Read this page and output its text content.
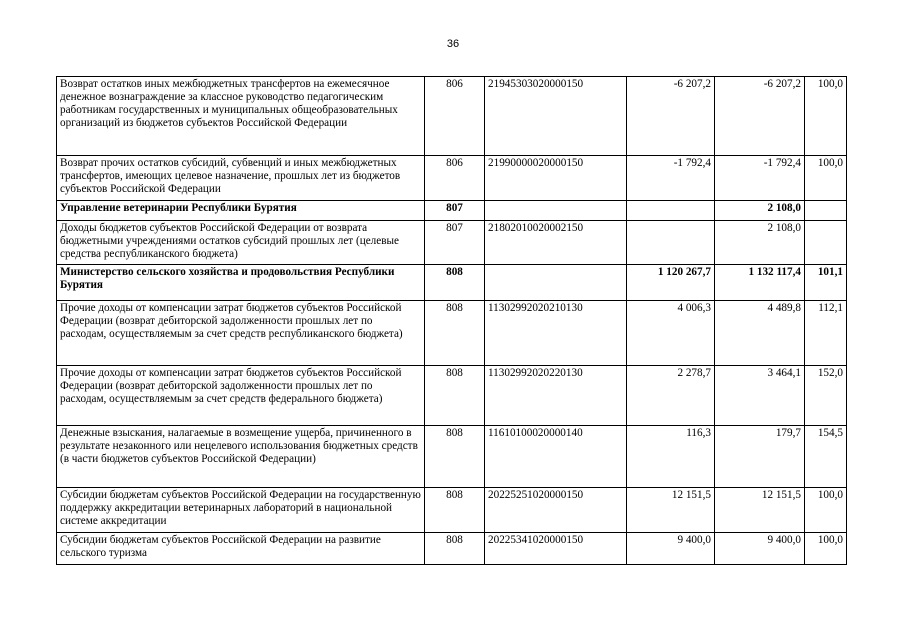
36
Возврат остатков иных межбюджетных трансфертов на ежемесячное денежное вознаграждение за классное руководство педагогическим работникам государственных и муниципальных общеобразовательных организаций из бюджетов субъектов Российской Федерации	806	21945303020000150	-6 207,2	-6 207,2	100,0
Возврат прочих остатков субсидий, субвенций и иных межбюджетных трансфертов, имеющих целевое назначение, прошлых лет из бюджетов субъектов Российской Федерации	806	21990000020000150	-1 792,4	-1 792,4	100,0
Управление ветеринарии Республики Бурятия	807			2 108,0	
Доходы бюджетов субъектов Российской Федерации от возврата бюджетными учреждениями остатков субсидий прошлых лет (целевые средства республиканского бюджета)	807	21802010020002150		2 108,0	
Министерство сельского хозяйства и продовольствия Республики Бурятия	808		1 120 267,7	1 132 117,4	101,1
Прочие доходы от компенсации затрат бюджетов субъектов Российской Федерации (возврат дебиторской задолженности прошлых лет по расходам, осуществляемым за счет средств республиканского бюджета)	808	11302992020210130	4 006,3	4 489,8	112,1
Прочие доходы от компенсации затрат бюджетов субъектов Российской Федерации (возврат дебиторской задолженности прошлых лет по расходам, осуществляемым за счет средств федерального бюджета)	808	11302992020220130	2 278,7	3 464,1	152,0
Денежные взыскания, налагаемые в возмещение ущерба, причиненного в результате незаконного или нецелевого использования бюджетных средств (в части бюджетов субъектов Российской Федерации)	808	11610100020000140	116,3	179,7	154,5
Субсидии бюджетам субъектов Российской Федерации на государственную поддержку аккредитации ветеринарных лабораторий в национальной системе аккредитации	808	20225251020000150	12 151,5	12 151,5	100,0
Субсидии бюджетам субъектов Российской Федерации на развитие сельского туризма	808	20225341020000150	9 400,0	9 400,0	100,0
